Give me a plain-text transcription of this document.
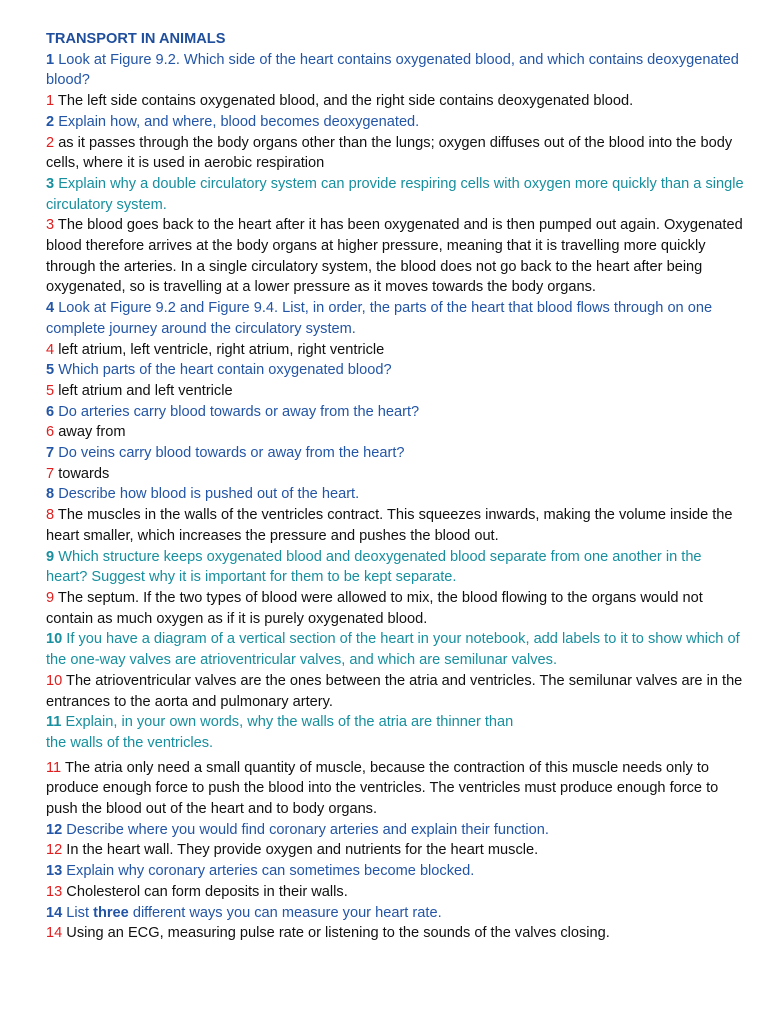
TRANSPORT IN ANIMALS

1 Look at Figure 9.2. Which side of the heart contains oxygenated blood, and which contains deoxygenated blood?

1 The left side contains oxygenated blood, and the right side contains deoxygenated blood.

2 Explain how, and where, blood becomes deoxygenated.

2 as it passes through the body organs other than the lungs; oxygen diffuses out of the blood into the body cells, where it is used in aerobic respiration

3 Explain why a double circulatory system can provide respiring cells with oxygen more quickly than a single circulatory system.

3 The blood goes back to the heart after it has been oxygenated and is then pumped out again. Oxygenated blood therefore arrives at the body organs at higher pressure, meaning that it is travelling more quickly through the arteries. In a single circulatory system, the blood does not go back to the heart after being oxygenated, so is travelling at a lower pressure as it moves towards the body organs.

4 Look at Figure 9.2 and Figure 9.4. List, in order, the parts of the heart that blood flows through on one complete journey around the circulatory system.

4 left atrium, left ventricle, right atrium, right ventricle

5 Which parts of the heart contain oxygenated blood?

5 left atrium and left ventricle

6 Do arteries carry blood towards or away from the heart?

6 away from

7 Do veins carry blood towards or away from the heart?

7 towards

8 Describe how blood is pushed out of the heart.

8 The muscles in the walls of the ventricles contract. This squeezes inwards, making the volume inside the heart smaller, which increases the pressure and pushes the blood out.

9 Which structure keeps oxygenated blood and deoxygenated blood separate from one another in the heart? Suggest why it is important for them to be kept separate.

9 The septum. If the two types of blood were allowed to mix, the blood flowing to the organs would not contain as much oxygen as if it is purely oxygenated blood.

10 If you have a diagram of a vertical section of the heart in your notebook, add labels to it to show which of the one-way valves are atrioventricular valves, and which are semilunar valves.

10 The atrioventricular valves are the ones between the atria and ventricles. The semilunar valves are in the entrances to the aorta and pulmonary artery.

11 Explain, in your own words, why the walls of the atria are thinner than
the walls of the ventricles.

11 The atria only need a small quantity of muscle, because the contraction of this muscle needs only to produce enough force to push the blood into the ventricles. The ventricles must produce enough force to push the blood out of the heart and to body organs.

12 Describe where you would find coronary arteries and explain their function.

12 In the heart wall. They provide oxygen and nutrients for the heart muscle.

13 Explain why coronary arteries can sometimes become blocked.

13 Cholesterol can form deposits in their walls.

14 List three different ways you can measure your heart rate.

14 Using an ECG, measuring pulse rate or listening to the sounds of the valves closing.
